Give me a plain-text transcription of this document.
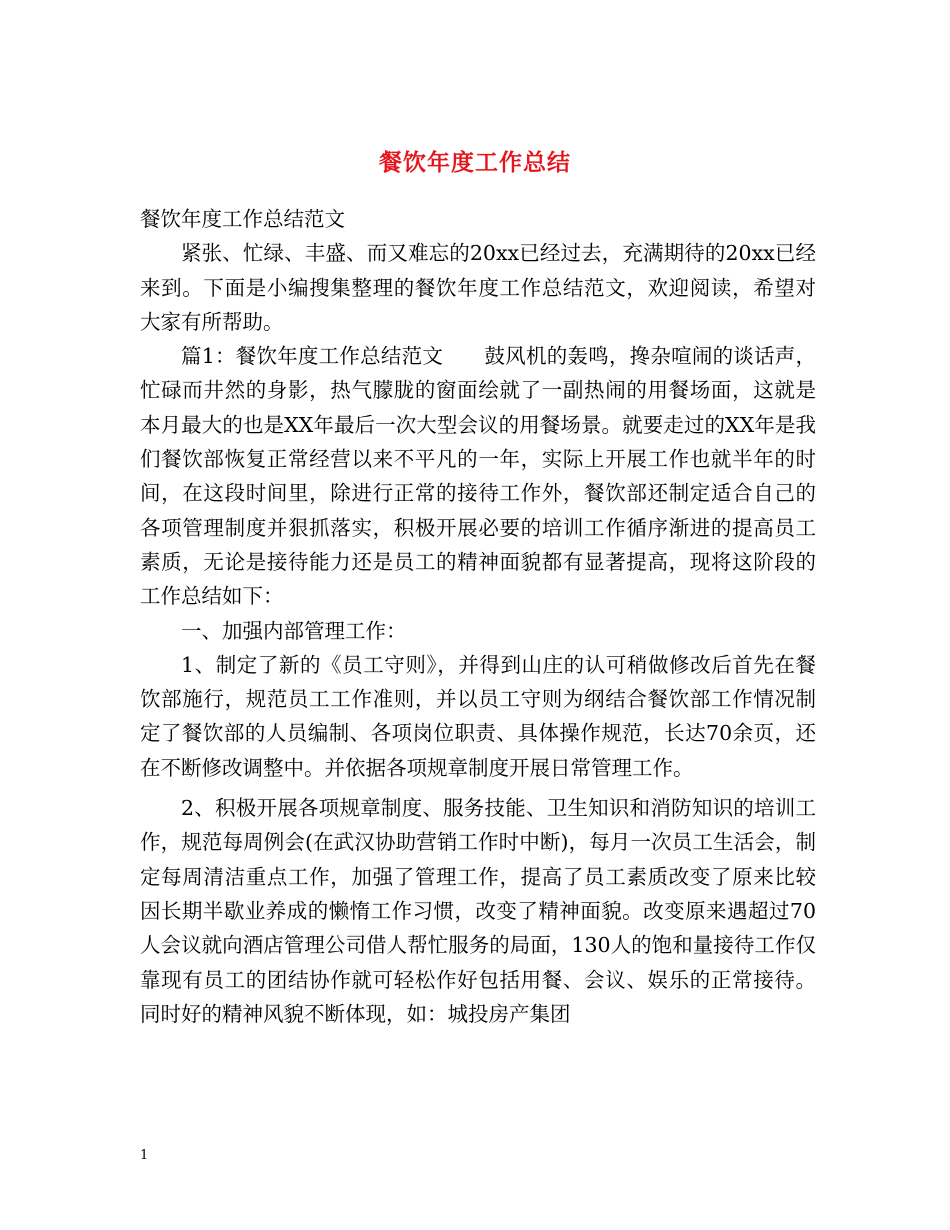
餐饮年度工作总结

餐饮年度工作总结范文

紧张、忙绿、丰盛、而又难忘的20xx已经过去，充满期待的20xx已经来到。下面是小编搜集整理的餐饮年度工作总结范文，欢迎阅读，希望对大家有所帮助。

篇1：餐饮年度工作总结范文　　鼓风机的轰鸣，搀杂喧闹的谈话声，忙碌而井然的身影，热气朦胧的窗面绘就了一副热闹的用餐场面，这就是本月最大的也是XX年最后一次大型会议的用餐场景。就要走过的XX年是我们餐饮部恢复正常经营以来不平凡的一年，实际上开展工作也就半年的时间，在这段时间里，除进行正常的接待工作外，餐饮部还制定适合自己的各项管理制度并狠抓落实，积极开展必要的培训工作循序渐进的提高员工素质，无论是接待能力还是员工的精神面貌都有显著提高，现将这阶段的工作总结如下：

一、加强内部管理工作：

1、制定了新的《员工守则》，并得到山庄的认可稍做修改后首先在餐饮部施行，规范员工工作准则，并以员工守则为纲结合餐饮部工作情况制定了餐饮部的人员编制、各项岗位职责、具体操作规范，长达70余页，还在不断修改调整中。并依据各项规章制度开展日常管理工作。

2、积极开展各项规章制度、服务技能、卫生知识和消防知识的培训工作，规范每周例会(在武汉协助营销工作时中断)，每月一次员工生活会，制定每周清洁重点工作，加强了管理工作，提高了员工素质改变了原来比较因长期半歇业养成的懒惰工作习惯，改变了精神面貌。改变原来遇超过70人会议就向酒店管理公司借人帮忙服务的局面，130人的饱和量接待工作仅靠现有员工的团结协作就可轻松作好包括用餐、会议、娱乐的正常接待。同时好的精神风貌不断体现，如：城投房产集团

1
